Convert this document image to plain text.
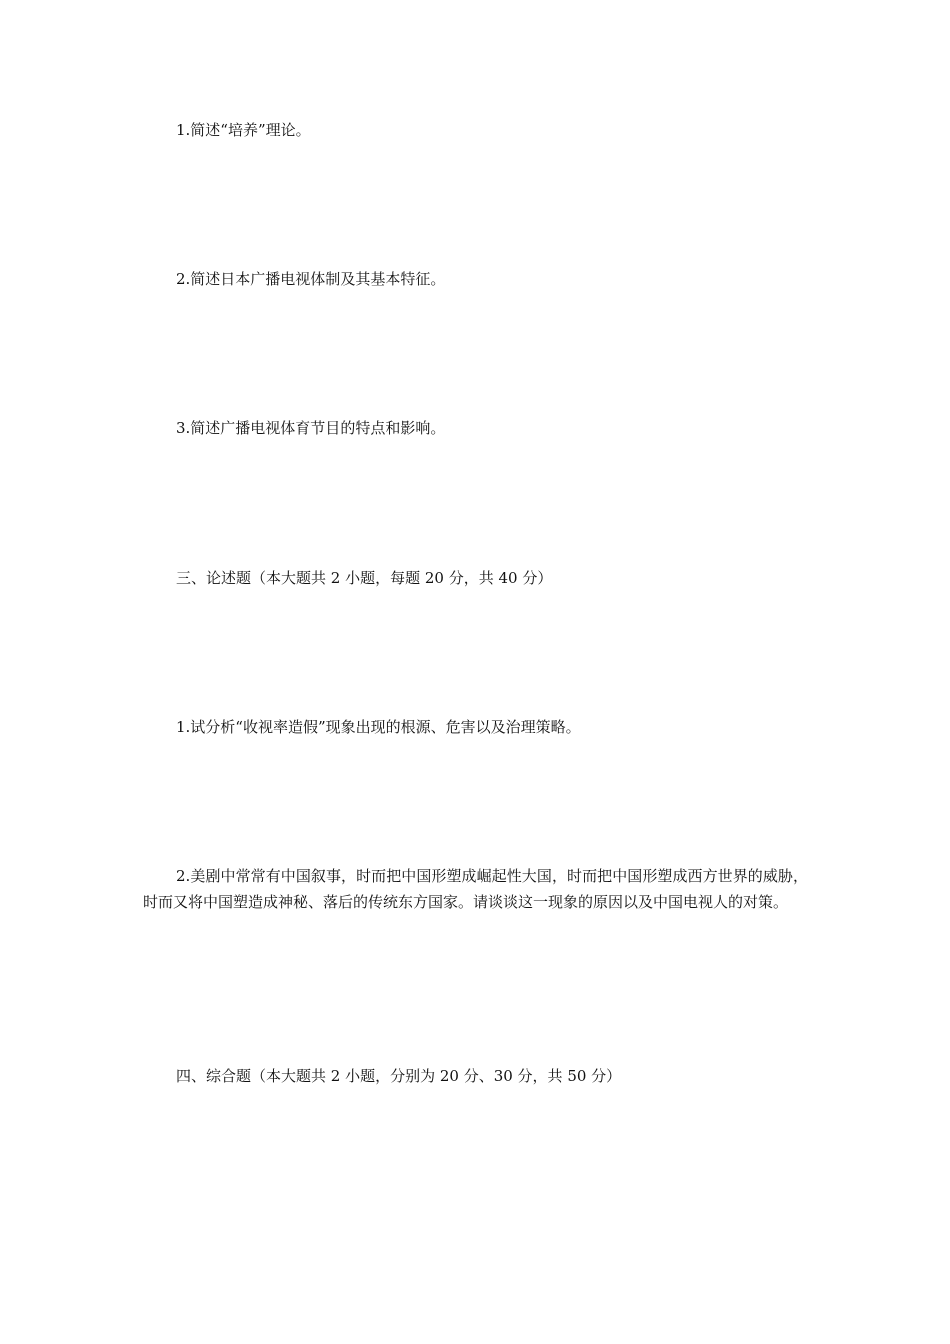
1.简述“培养”理论。

2.简述日本广播电视体制及其基本特征。

3.简述广播电视体育节目的特点和影响。

三、论述题（本大题共 2 小题，每题 20 分，共 40 分）

1.试分析“收视率造假”现象出现的根源、危害以及治理策略。

2.美剧中常常有中国叙事，时而把中国形塑成崛起性大国，时而把中国形塑成西方世界的威胁，时而又将中国塑造成神秘、落后的传统东方国家。请谈谈这一现象的原因以及中国电视人的对策。

四、综合题（本大题共 2 小题，分别为 20 分、30 分，共 50 分）
